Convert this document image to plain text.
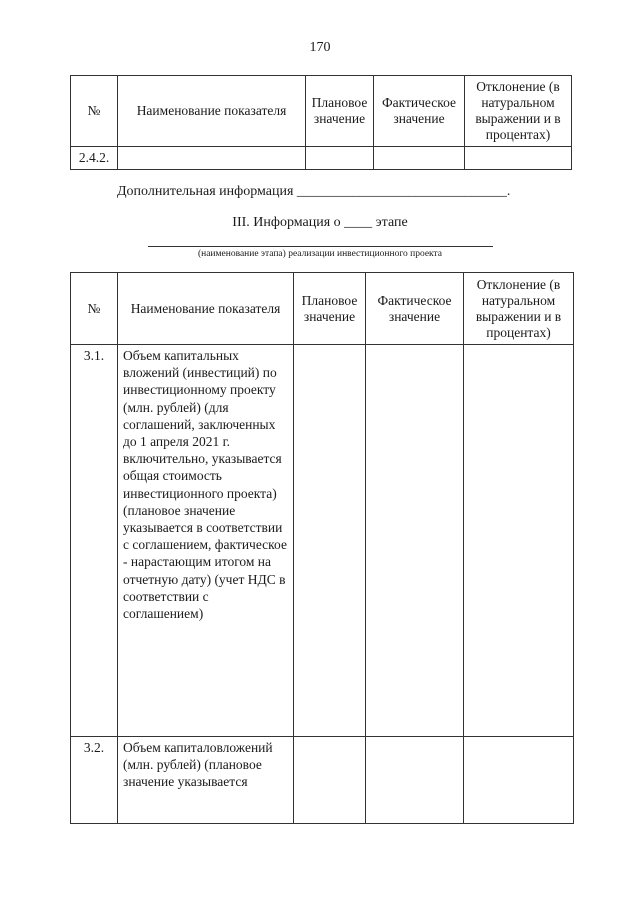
170
№	Наименование показателя	Плановое значение	Фактическое значение	Отклонение (в натуральном выражении и в процентах)
2.4.2.				
Дополнительная информация ______________________________.
III. Информация о ____ этапе
(наименование этапа) реализации инвестиционного проекта
№	Наименование показателя	Плановое значение	Фактическое значение	Отклонение (в натуральном выражении и в процентах)
3.1.	Объем капитальных вложений (инвестиций) по инвестиционному проекту (млн. рублей) (для соглашений, заключенных до 1 апреля 2021 г. включительно, указывается общая стоимость инвестиционного проекта) (плановое значение указывается в соответствии с соглашением, фактическое - нарастающим итогом на отчетную дату) (учет НДС в соответствии с соглашением)			
3.2.	Объем капиталовложений (млн. рублей) (плановое значение указывается			
